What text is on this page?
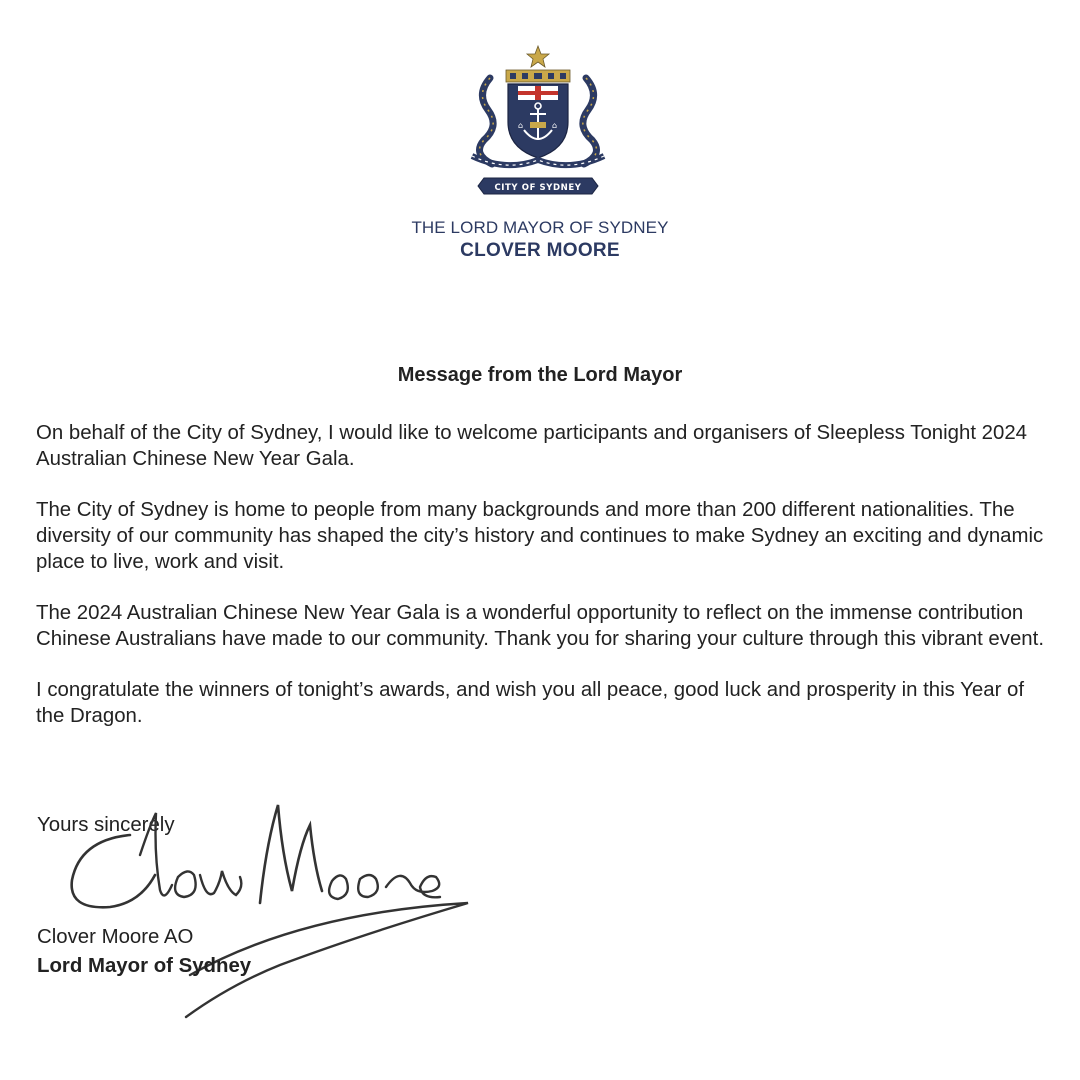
⌂	⌂
CITY OF SYDNEY
THE LORD MAYOR OF SYDNEY
CLOVER MOORE
Message from the Lord Mayor

On behalf of the City of Sydney, I would like to welcome participants and organisers of Sleepless Tonight 2024 Australian Chinese New Year Gala.

The City of Sydney is home to people from many backgrounds and more than 200 different nationalities. The diversity of our community has shaped the city’s history and continues to make Sydney an exciting and dynamic place to live, work and visit.

The 2024 Australian Chinese New Year Gala is a wonderful opportunity to reflect on the immense contribution Chinese Australians have made to our community. Thank you for sharing your culture through this vibrant event.

I congratulate the winners of tonight’s awards, and wish you all peace, good luck and prosperity in this Year of the Dragon.

Yours sincerely
Clover Moore AO
Lord Mayor of Sydney
